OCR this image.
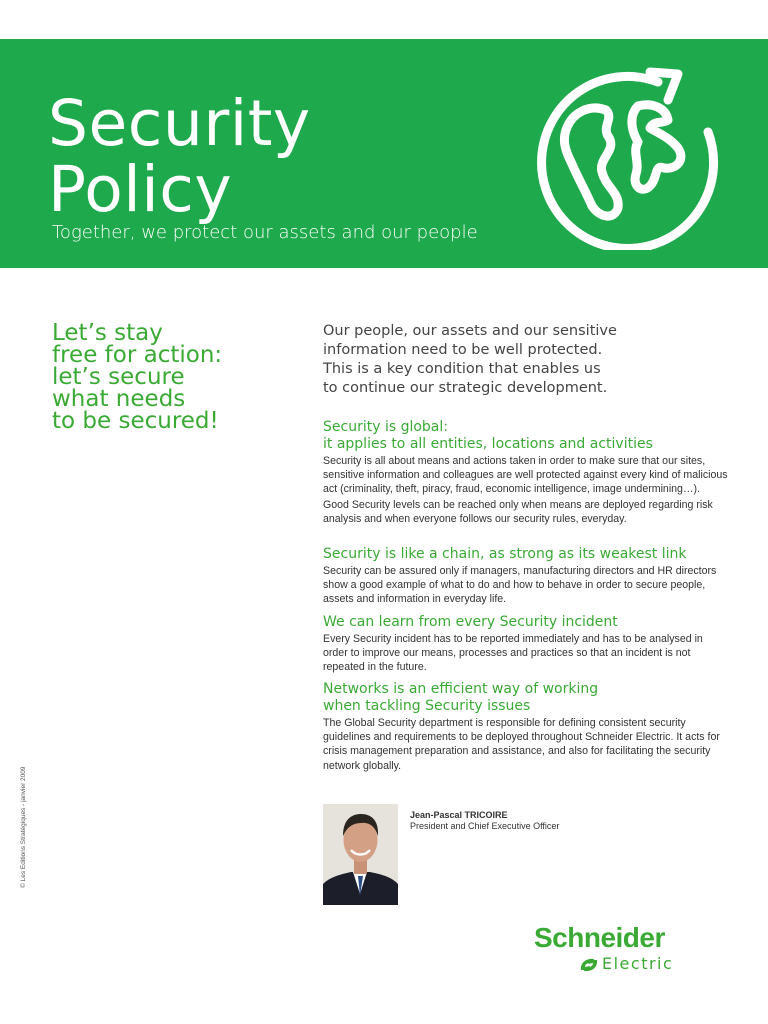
Security
Policy
Together, we protect our assets and our people
Let’s stay
free for action:
let’s secure
what needs
to be secured!
Our people, our assets and our sensitive
information need to be well protected.
This is a key condition that enables us
to continue our strategic development.
Security is global:
it applies to all entities, locations and activities

Security is all about means and actions taken in order to make sure that our sites, sensitive information and colleagues are well protected against every kind of malicious act (criminality, theft, piracy, fraud, economic intelligence, image undermining…).

Good Security levels can be reached only when means are deployed regarding risk analysis and when everyone follows our security rules, everyday.

Security is like a chain, as strong as its weakest link

Security can be assured only if managers, manufacturing directors and HR directors show a good example of what to do and how to behave in order to secure people, assets and information in everyday life.

We can learn from every Security incident

Every Security incident has to be reported immediately and has to be analysed in order to improve our means, processes and practices so that an incident is not repeated in the future.

Networks is an efficient way of working
when tackling Security issues

The Global Security department is responsible for defining consistent security guidelines and requirements to be deployed throughout Schneider Electric. It acts for crisis management preparation and assistance, and also for facilitating the security network globally.

Jean-Pascal TRICOIRE
President and Chief Executive Officer
© Les Editions Stratégiques - janvier 2009
Schneider
Electric
